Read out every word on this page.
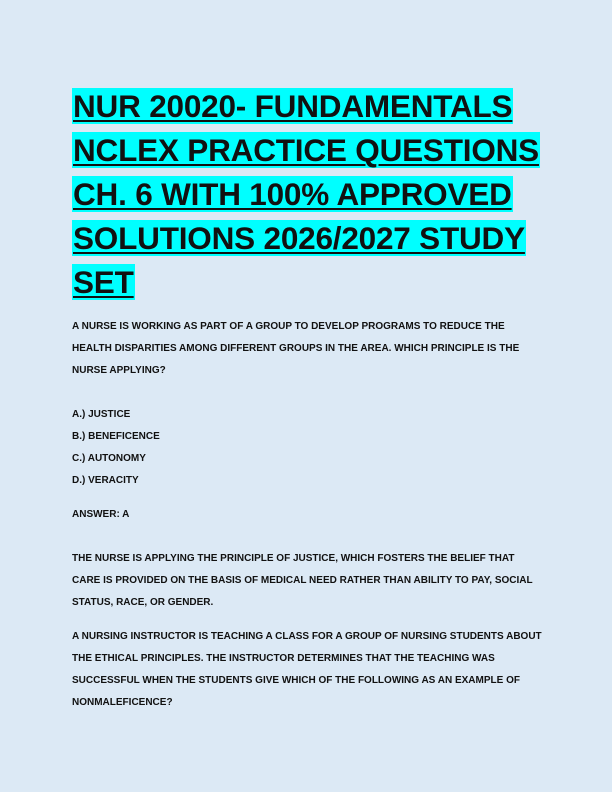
NUR 20020- FUNDAMENTALS NCLEX PRACTICE QUESTIONS CH. 6 WITH 100% APPROVED SOLUTIONS 2026/2027 STUDY SET

A NURSE IS WORKING AS PART OF A GROUP TO DEVELOP PROGRAMS TO REDUCE THE HEALTH DISPARITIES AMONG DIFFERENT GROUPS IN THE AREA. WHICH PRINCIPLE IS THE NURSE APPLYING?

A.) JUSTICE
B.) BENEFICENCE
C.) AUTONOMY
D.) VERACITY

ANSWER: A

THE NURSE IS APPLYING THE PRINCIPLE OF JUSTICE, WHICH FOSTERS THE BELIEF THAT CARE IS PROVIDED ON THE BASIS OF MEDICAL NEED RATHER THAN ABILITY TO PAY, SOCIAL STATUS, RACE, OR GENDER.

A NURSING INSTRUCTOR IS TEACHING A CLASS FOR A GROUP OF NURSING STUDENTS ABOUT THE ETHICAL PRINCIPLES. THE INSTRUCTOR DETERMINES THAT THE TEACHING WAS SUCCESSFUL WHEN THE STUDENTS GIVE WHICH OF THE FOLLOWING AS AN EXAMPLE OF NONMALEFICENCE?
